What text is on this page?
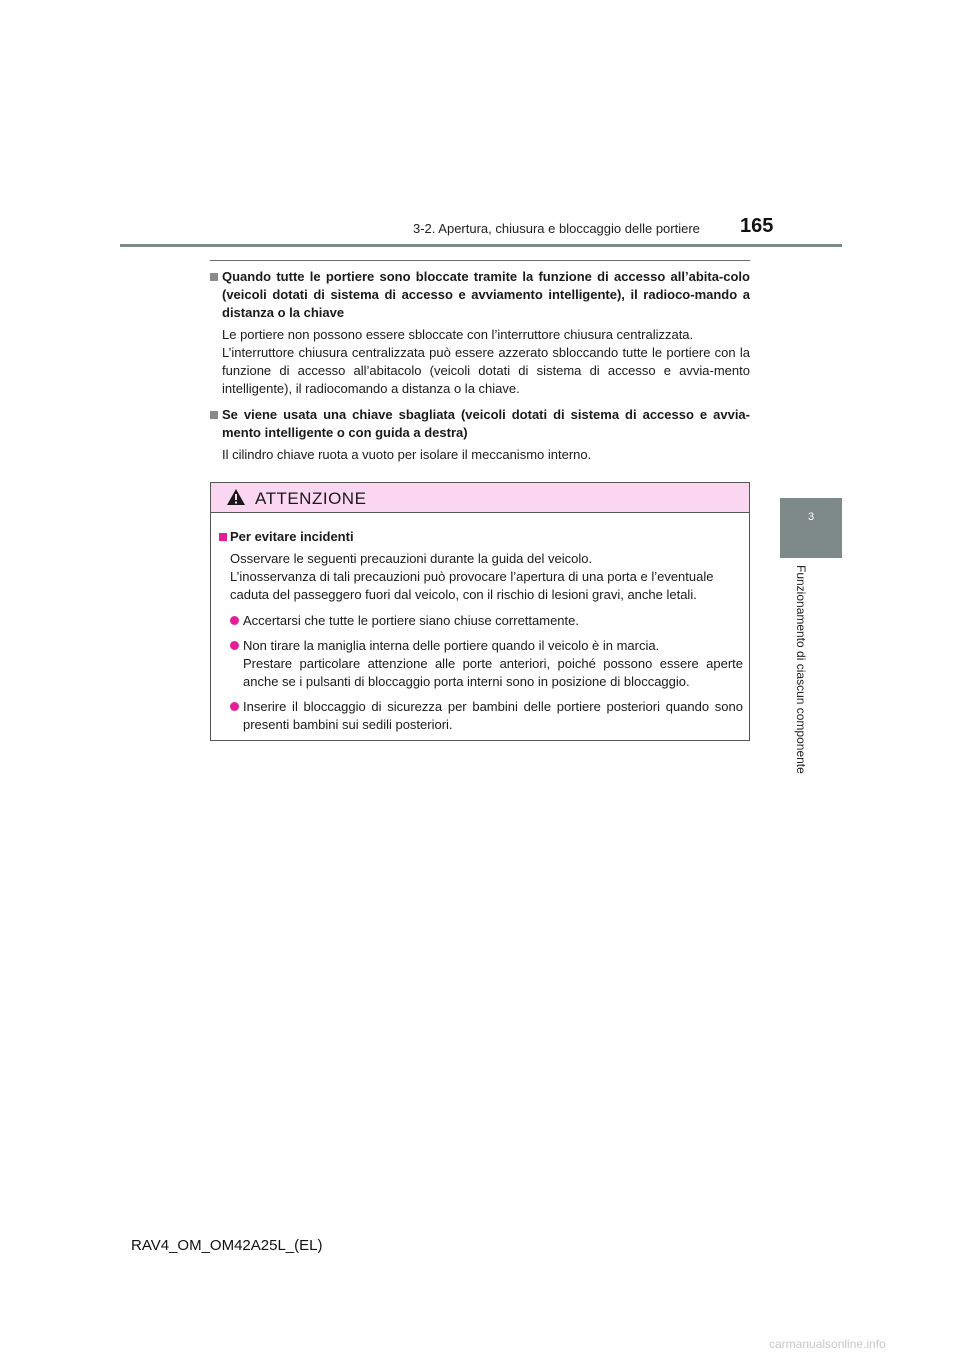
3-2. Apertura, chiusura e bloccaggio delle portiere 165
3
Funzionamento di ciascun componente
Quando tutte le portiere sono bloccate tramite la funzione di accesso all’abita-colo (veicoli dotati di sistema di accesso e avviamento intelligente), il radioco-mando a distanza o la chiave

Le portiere non possono essere sbloccate con l’interruttore chiusura centralizzata.

L’interruttore chiusura centralizzata può essere azzerato sbloccando tutte le portiere con la funzione di accesso all’abitacolo (veicoli dotati di sistema di accesso e avvia-mento intelligente), il radiocomando a distanza o la chiave.

Se viene usata una chiave sbagliata (veicoli dotati di sistema di accesso e avvia-mento intelligente o con guida a destra)

Il cilindro chiave ruota a vuoto per isolare il meccanismo interno.

ATTENZIONE
Per evitare incidenti

Osservare le seguenti precauzioni durante la guida del veicolo.

L’inosservanza di tali precauzioni può provocare l’apertura di una porta e l’eventuale caduta del passeggero fuori dal veicolo, con il rischio di lesioni gravi, anche letali.

Accertarsi che tutte le portiere siano chiuse correttamente.

Non tirare la maniglia interna delle portiere quando il veicolo è in marcia.

Prestare particolare attenzione alle porte anteriori, poiché possono essere aperte anche se i pulsanti di bloccaggio porta interni sono in posizione di bloccaggio.

Inserire il bloccaggio di sicurezza per bambini delle portiere posteriori quando sono presenti bambini sui sedili posteriori.

RAV4_OM_OM42A25L_(EL)
carmanualsonline.info
